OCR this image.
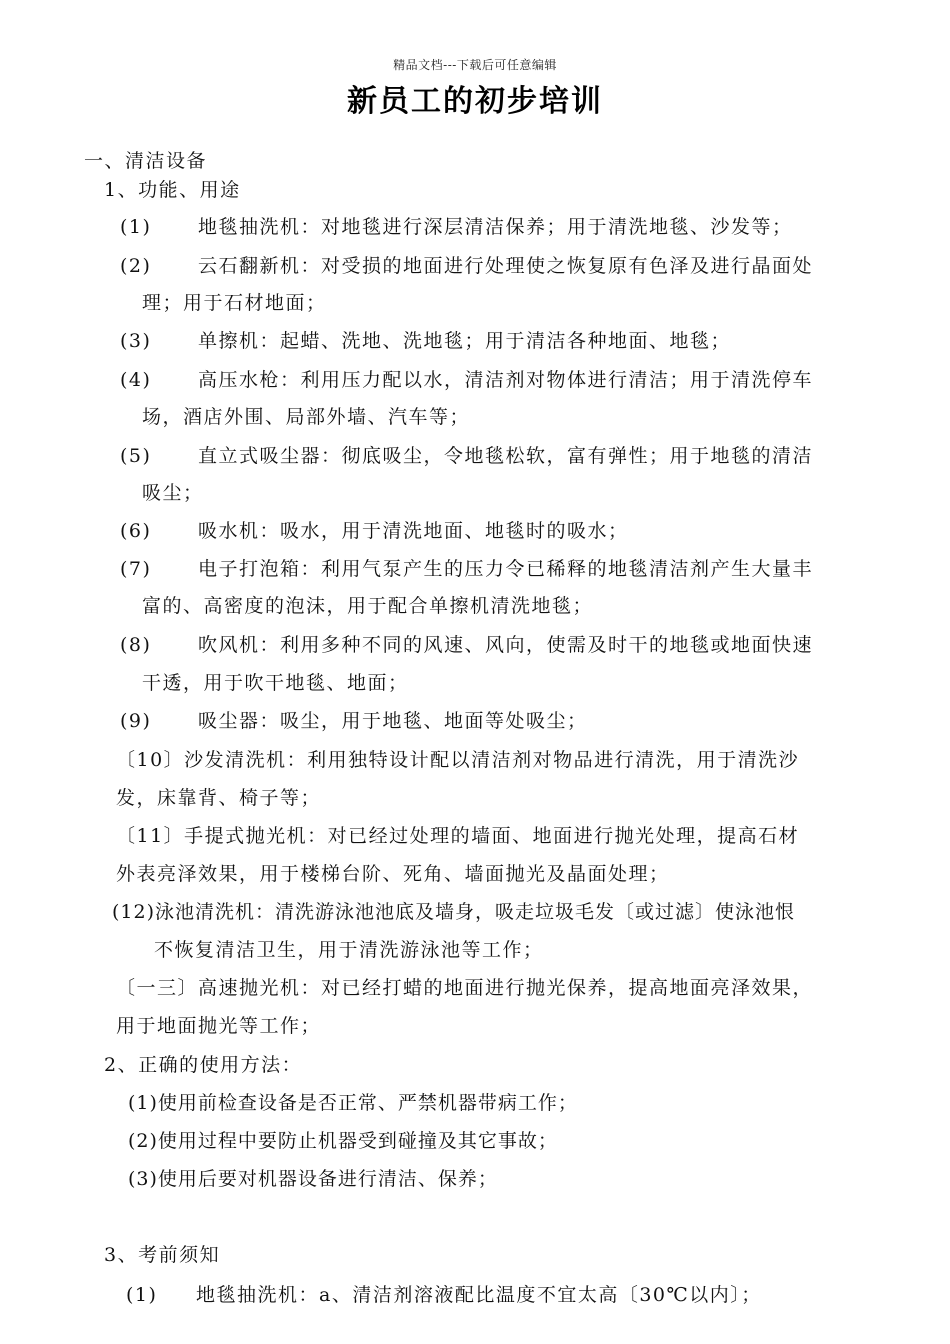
精品文档---下载后可任意编辑
新员工的初步培训
一、清洁设备
1、功能、用途
(1) 地毯抽洗机：对地毯进行深层清洁保养；用于清洗地毯、沙发等；
(2) 云石翻新机：对受损的地面进行处理使之恢复原有色泽及进行晶面处
理；用于石材地面；
(3) 单擦机：起蜡、洗地、洗地毯；用于清洁各种地面、地毯；
(4) 高压水枪：利用压力配以水，清洁剂对物体进行清洁；用于清洗停车
场，酒店外围、局部外墙、汽车等；
(5) 直立式吸尘器：彻底吸尘，令地毯松软，富有弹性；用于地毯的清洁
吸尘；
(6) 吸水机：吸水，用于清洗地面、地毯时的吸水；
(7) 电子打泡箱：利用气泵产生的压力令已稀释的地毯清洁剂产生大量丰
富的、高密度的泡沫，用于配合单擦机清洗地毯；
(8) 吹风机：利用多种不同的风速、风向，使需及时干的地毯或地面快速
干透，用于吹干地毯、地面；
(9) 吸尘器：吸尘，用于地毯、地面等处吸尘；
〔10〕沙发清洗机：利用独特设计配以清洁剂对物品进行清洗，用于清洗沙
发，床靠背、椅子等；
〔11〕手提式抛光机：对已经过处理的墙面、地面进行抛光处理，提高石材
外表亮泽效果，用于楼梯台阶、死角、墙面抛光及晶面处理；
(12)泳池清洗机：清洗游泳池池底及墙身，吸走垃圾毛发〔或过滤〕使泳池恨
不恢复清洁卫生，用于清洗游泳池等工作；
〔一三〕高速抛光机：对已经打蜡的地面进行抛光保养，提高地面亮泽效果，
用于地面抛光等工作；
2、正确的使用方法：
(1)使用前检查设备是否正常、严禁机器带病工作；
(2)使用过程中要防止机器受到碰撞及其它事故；
(3)使用后要对机器设备进行清洁、保养；
3、考前须知
(1) 地毯抽洗机：a、清洁剂溶液配比温度不宜太高〔30℃以内〕；
